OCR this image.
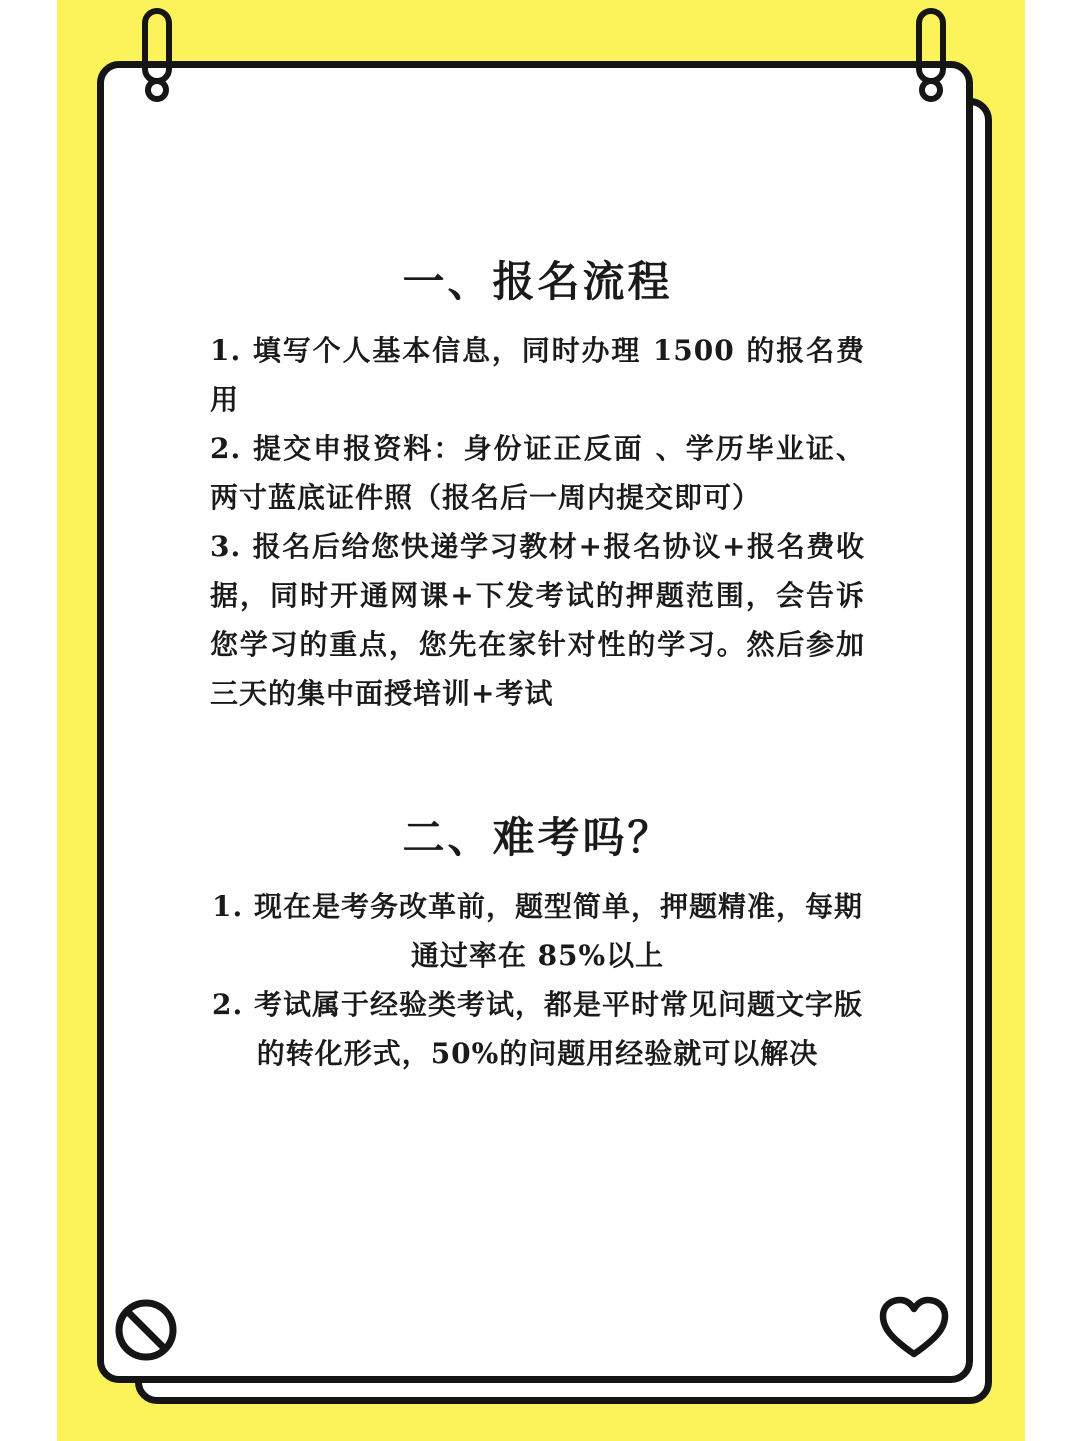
一、报名流程

1. 填写个人基本信息，同时办理 1500 的报名费用

2. 提交申报资料：身份证正反面 、学历毕业证、两寸蓝底证件照（报名后一周内提交即可）

3. 报名后给您快递学习教材+报名协议+报名费收据，同时开通网课+下发考试的押题范围，会告诉您学习的重点，您先在家针对性的学习。然后参加三天的集中面授培训+考试

二、难考吗？

1. 现在是考务改革前，题型简单，押题精准，每期通过率在 85%以上

2. 考试属于经验类考试，都是平时常见问题文字版的转化形式，50%的问题用经验就可以解决
